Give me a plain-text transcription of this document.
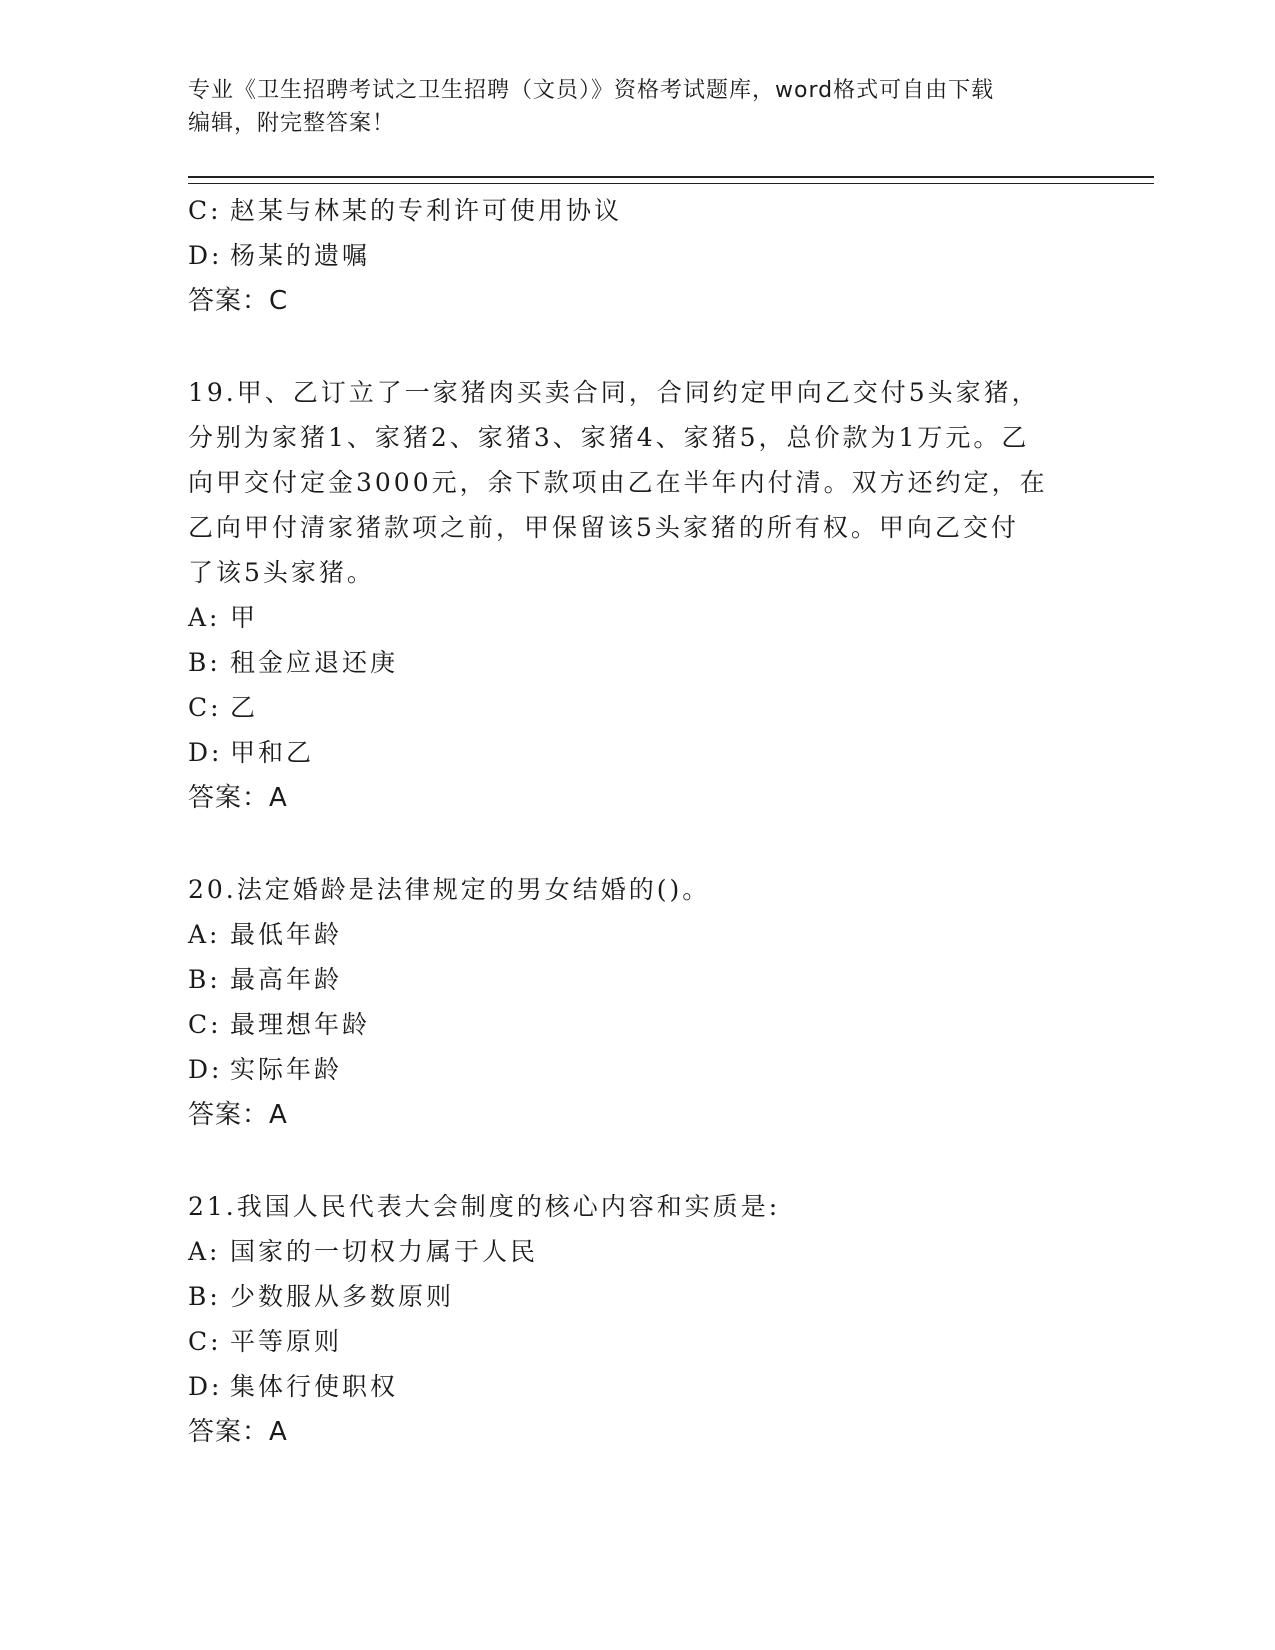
专业《卫生招聘考试之卫生招聘（文员）》资格考试题库，word格式可自由下载
编辑，附完整答案！
C: 赵某与林某的专利许可使用协议
D: 杨某的遗嘱
答案：C
19.甲、乙订立了一家猪肉买卖合同，合同约定甲向乙交付5头家猪，
分别为家猪1、家猪2、家猪3、家猪4、家猪5，总价款为1万元。乙
向甲交付定金3000元，余下款项由乙在半年内付清。双方还约定，在
乙向甲付清家猪款项之前，甲保留该5头家猪的所有权。甲向乙交付
了该5头家猪。
A: 甲
B: 租金应退还庚
C: 乙
D: 甲和乙
答案：A
20.法定婚龄是法律规定的男女结婚的()。
A: 最低年龄
B: 最高年龄
C: 最理想年龄
D: 实际年龄
答案：A
21.我国人民代表大会制度的核心内容和实质是:
A: 国家的一切权力属于人民
B: 少数服从多数原则
C: 平等原则
D: 集体行使职权
答案：A
